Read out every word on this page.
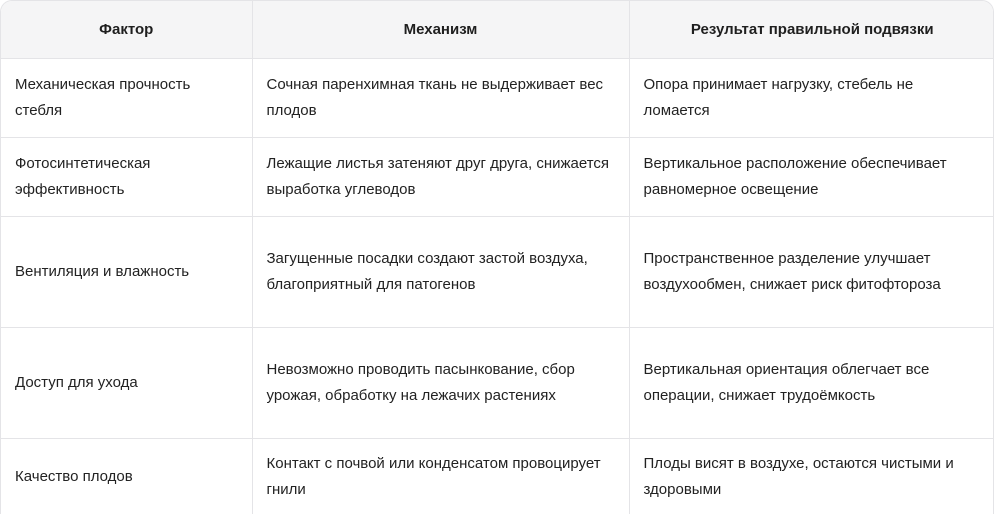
Фактор	Механизм	Результат правильной подвязки
Механическая прочность стебля	Сочная паренхимная ткань не выдерживает вес плодов	Опора принимает нагрузку, стебель не ломается
Фотосинтетическая эффективность	Лежащие листья затеняют друг друга, снижается выработка углеводов	Вертикальное расположение обеспечивает равномерное освещение
Вентиляция и влажность	Загущенные посадки создают застой воздуха, благоприятный для патогенов	Пространственное разделение улучшает воздухообмен, снижает риск фитофтороза
Доступ для ухода	Невозможно проводить пасынкование, сбор урожая, обработку на лежачих растениях	Вертикальная ориентация облегчает все операции, снижает трудоёмкость
Качество плодов	Контакт с почвой или конденсатом провоцирует гнили	Плоды висят в воздухе, остаются чистыми и здоровыми
